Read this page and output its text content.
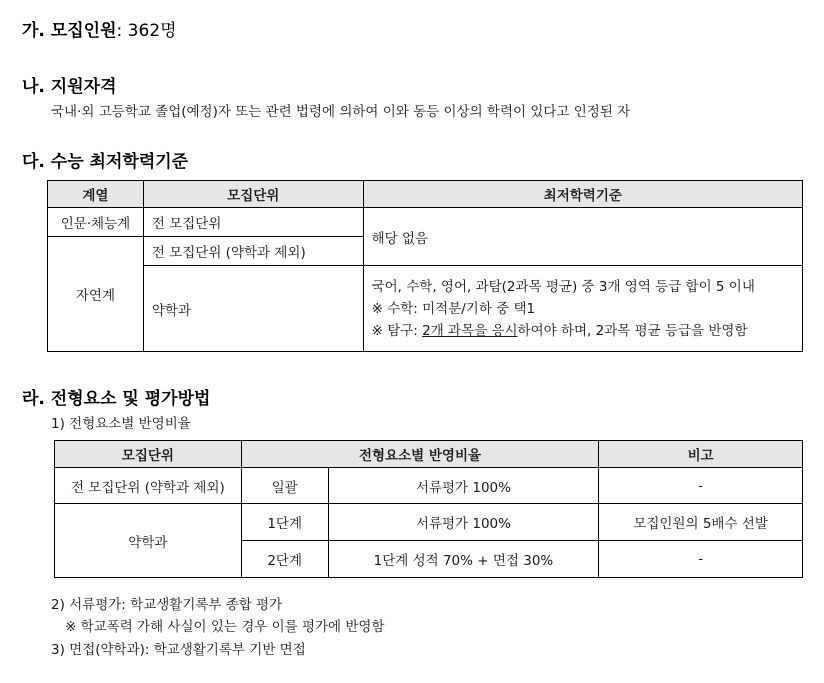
가. 모집인원: 362명
나. 지원자격
국내·외 고등학교 졸업(예정)자 또는 관련 법령에 의하여 이와 동등 이상의 학력이 있다고 인정된 자
다. 수능 최저학력기준
계열	모집단위	최저학력기준
인문·체능계	전 모집단위	해당 없음
자연계	전 모집단위 (약학과 제외)	
	약학과	국어, 수학, 영어, 과탐(2과목 평균) 중 3개 영역 등급 합이 5 이내
※ 수학: 미적분/기하 중 택1
※ 탐구: 2개 과목을 응시하여야 하며, 2과목 평균 등급을 반영함
라. 전형요소 및 평가방법
1) 전형요소별 반영비율
모집단위	전형요소별 반영비율		비고
전 모집단위 (약학과 제외)	일괄	서류평가 100%	-
약학과	1단계	서류평가 100%	모집인원의 5배수 선발
	2단계	1단계 성적 70% + 면접 30%	-
2) 서류평가: 학교생활기록부 종합 평가
※ 학교폭력 가해 사실이 있는 경우 이를 평가에 반영함
3) 면접(약학과): 학교생활기록부 기반 면접
